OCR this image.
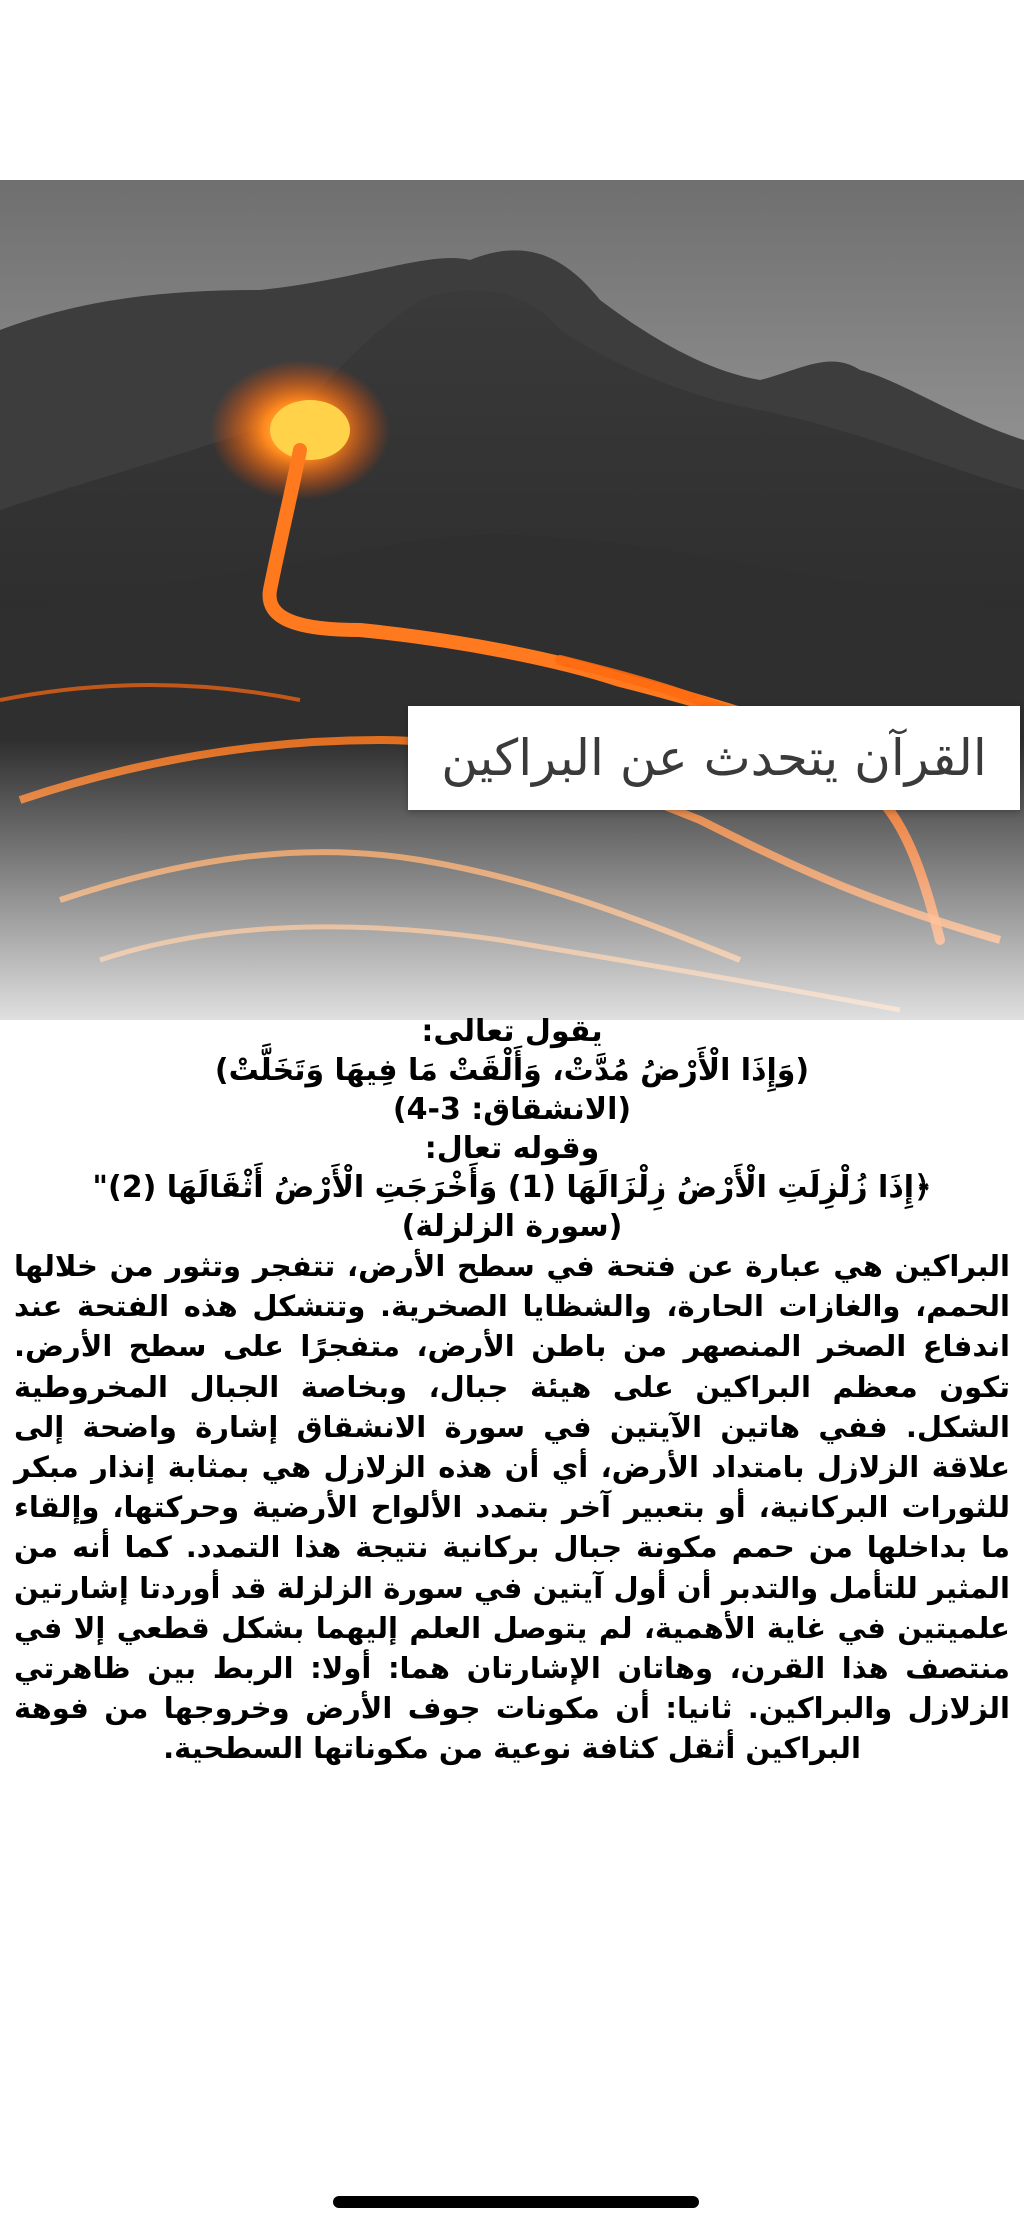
القرآن يتحدث عن البراكين
يقول تعالى:
(وَإِذَا الْأَرْضُ مُدَّتْ، وَأَلْقَتْ مَا فِيهَا وَتَخَلَّتْ)
(الانشقاق: 3-4)
وقوله تعال:
﴿إِذَا زُلْزِلَتِ الْأَرْضُ زِلْزَالَهَا (1) وَأَخْرَجَتِ الْأَرْضُ أَثْقَالَهَا (2)"
(سورة الزلزلة)
البراكين هي عبارة عن فتحة في سطح الأرض، تتفجر وتثور من خلالها الحمم، والغازات الحارة، والشظايا الصخرية. وتتشكل هذه الفتحة عند اندفاع الصخر المنصهر من باطن الأرض، متفجرًا على سطح الأرض. تكون معظم البراكين على هيئة جبال، وبخاصة الجبال المخروطية الشكل. ففي هاتين الآيتين في سورة الانشقاق إشارة واضحة إلى علاقة الزلازل بامتداد الأرض، أي أن هذه الزلازل هي بمثابة إنذار مبكر للثورات البركانية، أو بتعبير آخر بتمدد الألواح الأرضية وحركتها، وإلقاء ما بداخلها من حمم مكونة جبال بركانية نتيجة هذا التمدد. كما أنه من المثير للتأمل والتدبر أن أول آيتين في سورة الزلزلة قد أوردتا إشارتين علميتين في غاية الأهمية، لم يتوصل العلم إليهما بشكل قطعي إلا في منتصف هذا القرن، وهاتان الإشارتان هما: أولا: الربط بين ظاهرتي الزلازل والبراكين. ثانيا: أن مكونات جوف الأرض وخروجها من فوهة البراكين أثقل كثافة نوعية من مكوناتها السطحية.
